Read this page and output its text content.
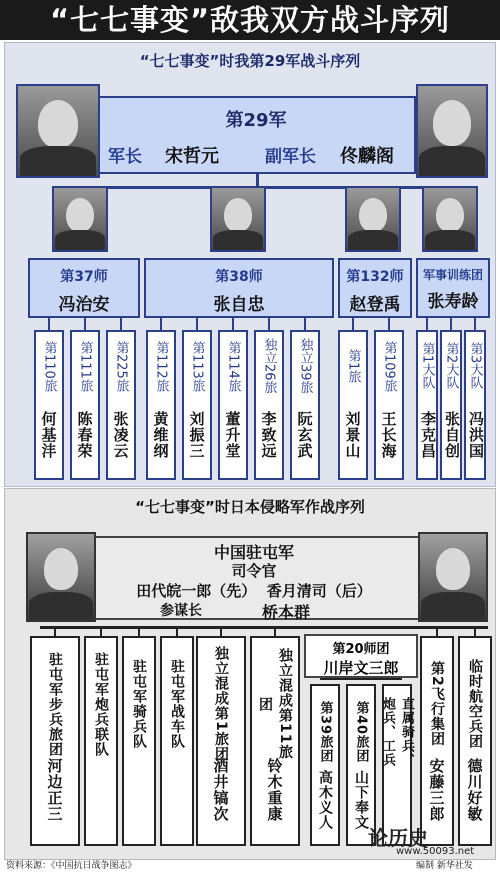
“七七事变”敌我双方战斗序列
“七七事变”时我第29军战斗序列
第29军
军长 宋哲元	副军长 佟麟阁
第37师
冯治安
第38师
张自忠
第132师
赵登禹
军事训练团
张寿龄
第110旅
何基沣
第111旅
陈春荣
第225旅
张凌云
第112旅
黄维纲
第113旅
刘振三
第114旅
董升堂
独立26旅
李致远
独立39旅
阮玄武
第1旅
刘景山
第109旅
王长海
第1大队
李克昌
第2大队
张自创
第3大队
冯洪国
“七七事变”时日本侵略军作战序列
中国驻屯军
司令官
田代皖一郎（先）  香月清司（后）
参谋长	桥本群
驻屯军步兵旅团
河边正三
驻屯军炮兵联队 驻屯军骑兵队 驻屯军战车队 独立混成第1旅团
酒井镐次
独立混成第11旅团
铃木重康
第2飞行集团
安藤三郎
临时航空兵团
德川好敏
第20师团
川岸文三郎
第39旅团
高木义人
第40旅团
山下奉文
直属骑兵、炮兵、工兵
资料来源：《中国抗日战争图志》	编制 新华社发
论历史
www.50093.net
